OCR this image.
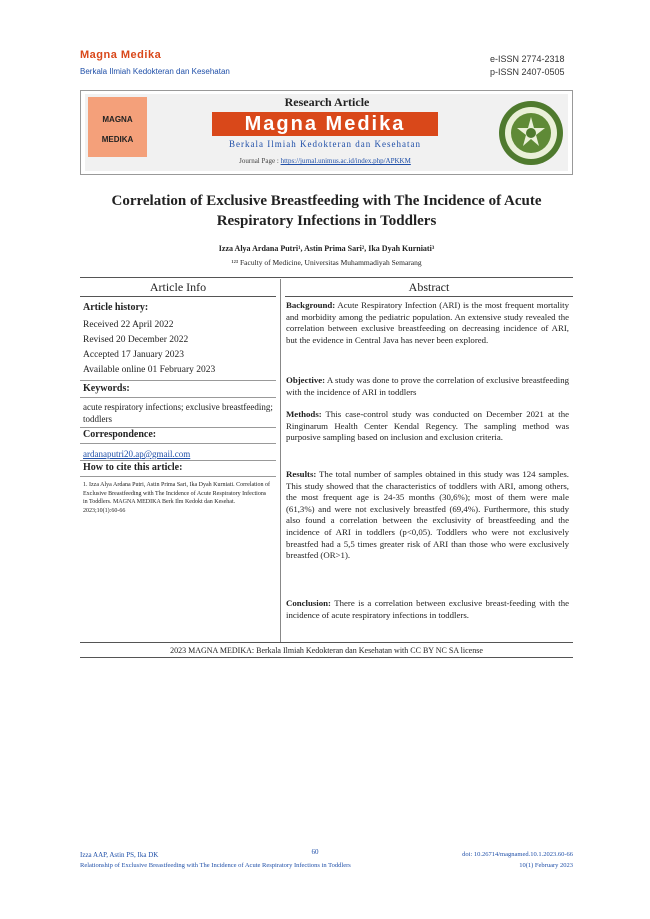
Magna Medika
Berkala Ilmiah Kedokteran dan Kesehatan
e-ISSN 2774-2318
p-ISSN 2407-0505
MAGNA
MEDIKA
Research Article
Magna Medika
Berkala Ilmiah Kedokteran dan Kesehatan
Journal Page : https://jurnal.unimus.ac.id/index.php/APKKM
Correlation of Exclusive Breastfeeding with The Incidence of Acute
Respiratory Infections in Toddlers
Izza Alya Ardana Putri¹, Astin Prima Sari², Ika Dyah Kurniati³
¹²³ Faculty of Medicine, Universitas Muhammadiyah Semarang
Article Info	Abstract
Article history:
Received 22 April 2022
Revised 20 December 2022
Accepted 17 January 2023
Available online 01 February 2023
Keywords:
acute respiratory infections; exclusive breastfeeding; toddlers
Correspondence:
ardanaputri20.ap@gmail.com
How to cite this article:
1. Izza Alya Ardana Putri, Astin Prima Sari, Ika Dyah Kurniati. Correlation of Exclusive Breastfeeding with The Incidence of Acute Respiratory Infections in Toddlers. MAGNA MEDIKA Berk Ilm Kedokt dan Kesehat. 2023;10(1):60-66
Background: Acute Respiratory Infection (ARI) is the most frequent mortality and morbidity among the pediatric population. An extensive study revealed the correlation between exclusive breastfeeding on decreasing incidence of ARI, but the evidence in Central Java has never been explored.
Objective: A study was done to prove the correlation of exclusive breastfeeding with the incidence of ARI in toddlers
Methods: This case-control study was conducted on December 2021 at the Ringinarum Health Center Kendal Regency. The sampling method was purposive sampling based on inclusion and exclusion criteria.
Results: The total number of samples obtained in this study was 124 samples. This study showed that the characteristics of toddlers with ARI, among others, the most frequent age is 24-35 months (30,6%); most of them were male (61,3%) and were not exclusively breastfed (69,4%). Furthermore, this study also found a correlation between the exclusivity of breastfeeding and the incidence of ARI in toddlers (p<0,05). Toddlers who were not exclusively breastfed had a 5,5 times greater risk of ARI than those who were exclusively breastfed (OR>1).
Conclusion: There is a correlation between exclusive breast-feeding with the incidence of acute respiratory infections in toddlers.
2023 MAGNA MEDIKA: Berkala Ilmiah Kedokteran dan Kesehatan with CC BY NC SA license
Izza AAP, Astin PS, Ika DK
Relationship of Exclusive Breastfeeding with The Incidence of Acute Respiratory Infections in Toddlers
60	doi: 10.26714/magnamed.10.1.2023.60-66
10(1) February 2023
